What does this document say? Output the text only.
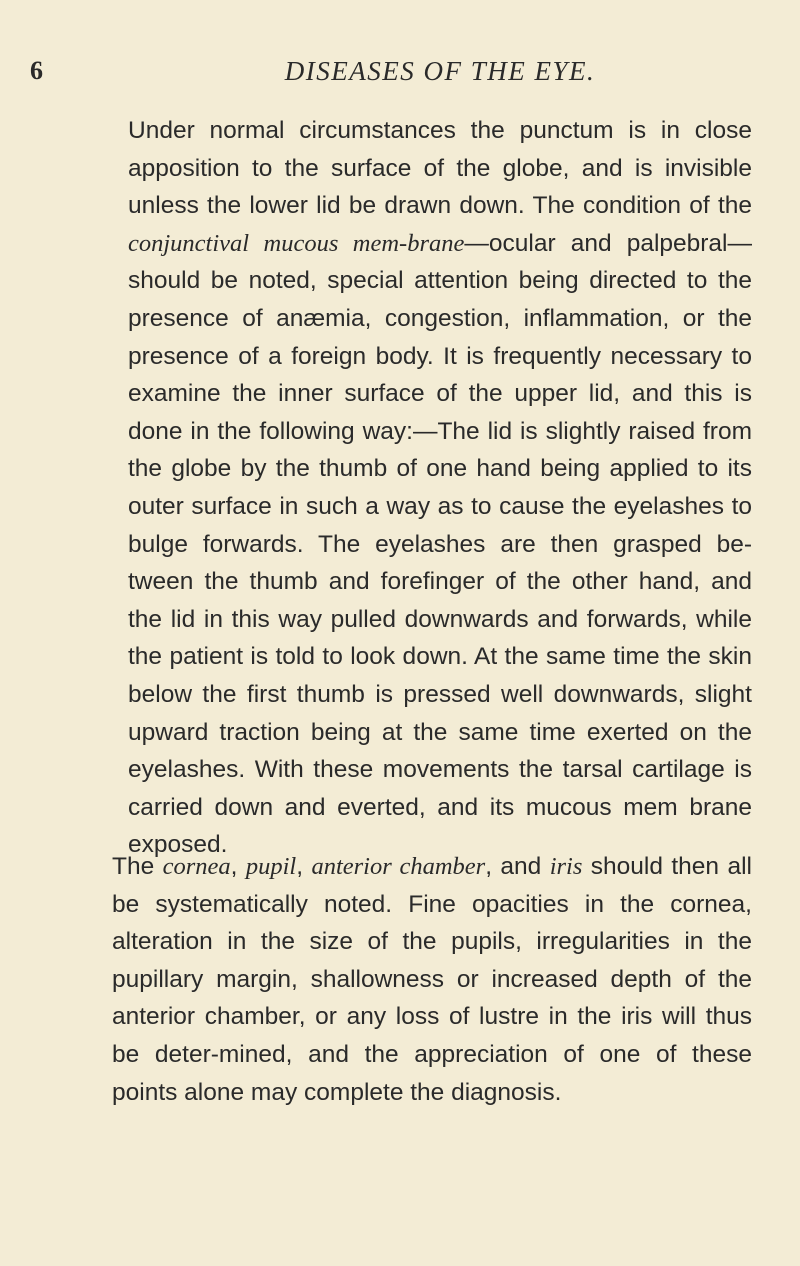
6	DISEASES OF THE EYE.

Under normal circumstances the punctum is in close apposition to the surface of the globe, and is invisible unless the lower lid be drawn down. The condition of the conjunctival mucous mem-brane—ocular and palpebral—should be noted, special attention being directed to the presence of anæmia, congestion, inflammation, or the presence of a foreign body. It is frequently necessary to examine the inner surface of the upper lid, and this is done in the following way:—The lid is slightly raised from the globe by the thumb of one hand being applied to its outer surface in such a way as to cause the eyelashes to bulge forwards. The eyelashes are then grasped be-tween the thumb and forefinger of the other hand, and the lid in this way pulled downwards and forwards, while the patient is told to look down. At the same time the skin below the first thumb is pressed well downwards, slight upward traction being at the same time exerted on the eyelashes. With these movements the tarsal cartilage is carried down and everted, and its mucous mem brane exposed.

The cornea, pupil, anterior chamber, and iris should then all be systematically noted. Fine opacities in the cornea, alteration in the size of the pupils, irregularities in the pupillary margin, shallowness or increased depth of the anterior chamber, or any loss of lustre in the iris will thus be deter-mined, and the appreciation of one of these points alone may complete the diagnosis.
